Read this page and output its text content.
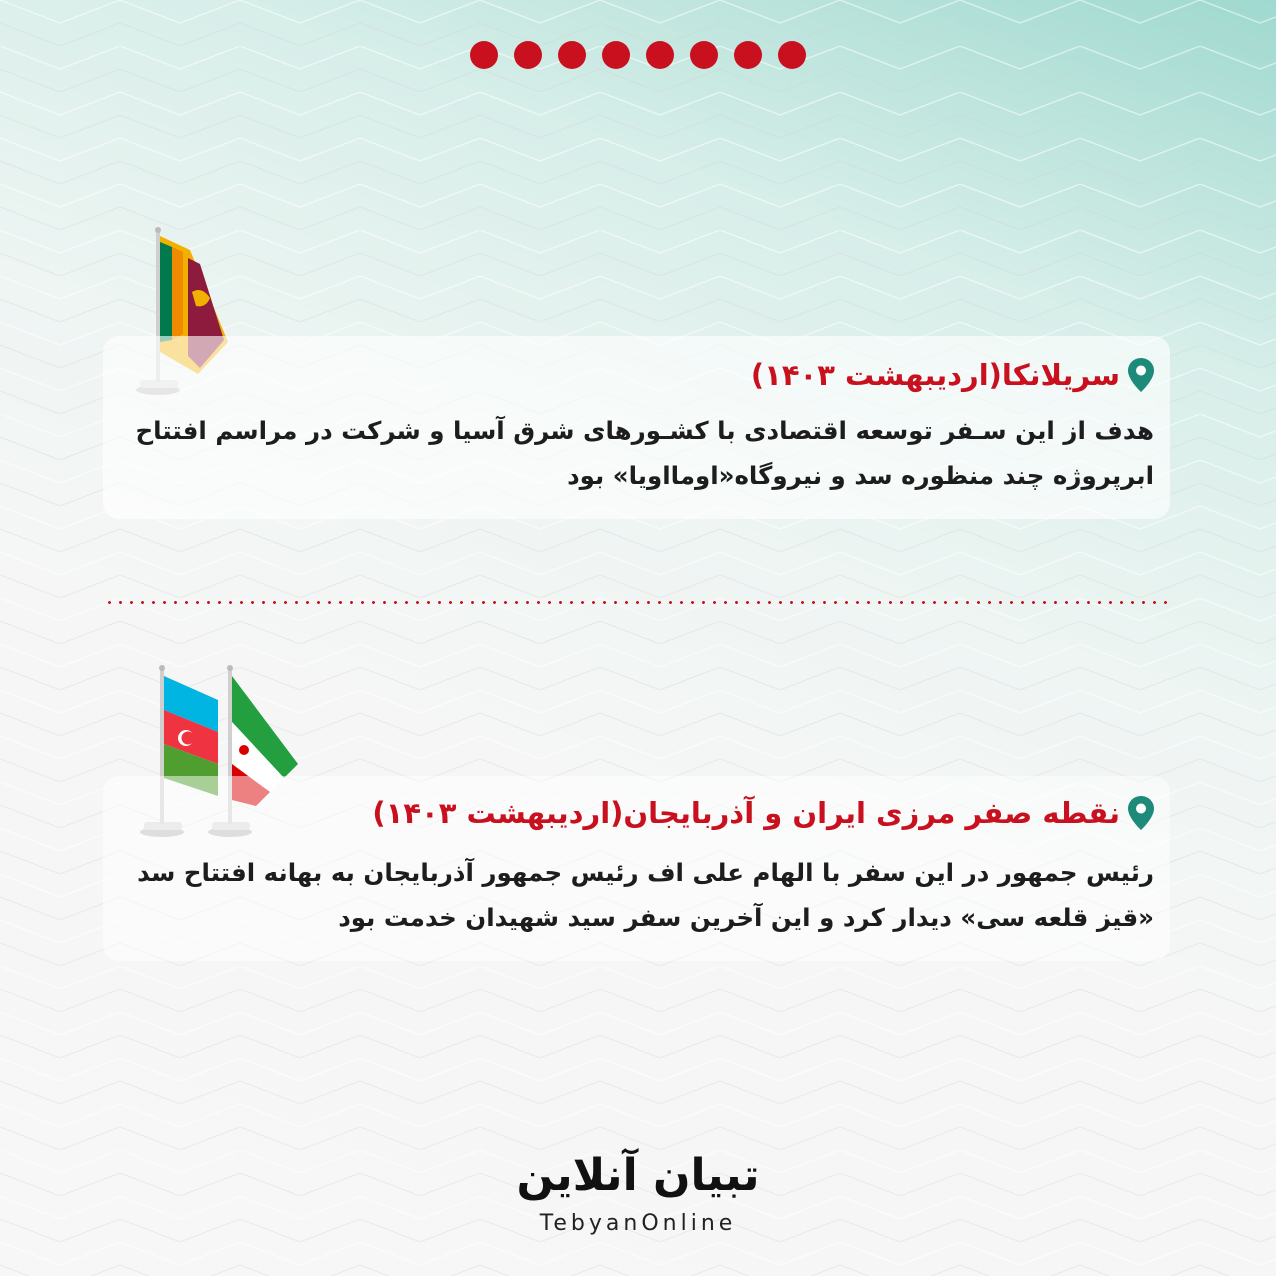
سریلانکا(اردیبهشت ۱۴۰۳)
هدف از این سـفر توسعه اقتصادی با کشـورهای شرق آسیا و شرکت در مراسم افتتاح ابرپروژه چند منظوره سد و نیروگاه«اوما‌اویا» بود
نقطه صفر مرزی ایران و آذربایجان(اردیبهشت ۱۴۰۳)
رئیس جمهور در این سفر با الهام علی اف رئیس جمهور آذربایجان به بهانه افتتاح سد «قیز قلعه سی» دیدار کرد و این آخرین سفر سید شهیدان خدمت بود
تبیان آنلاین
TebyanOnline
